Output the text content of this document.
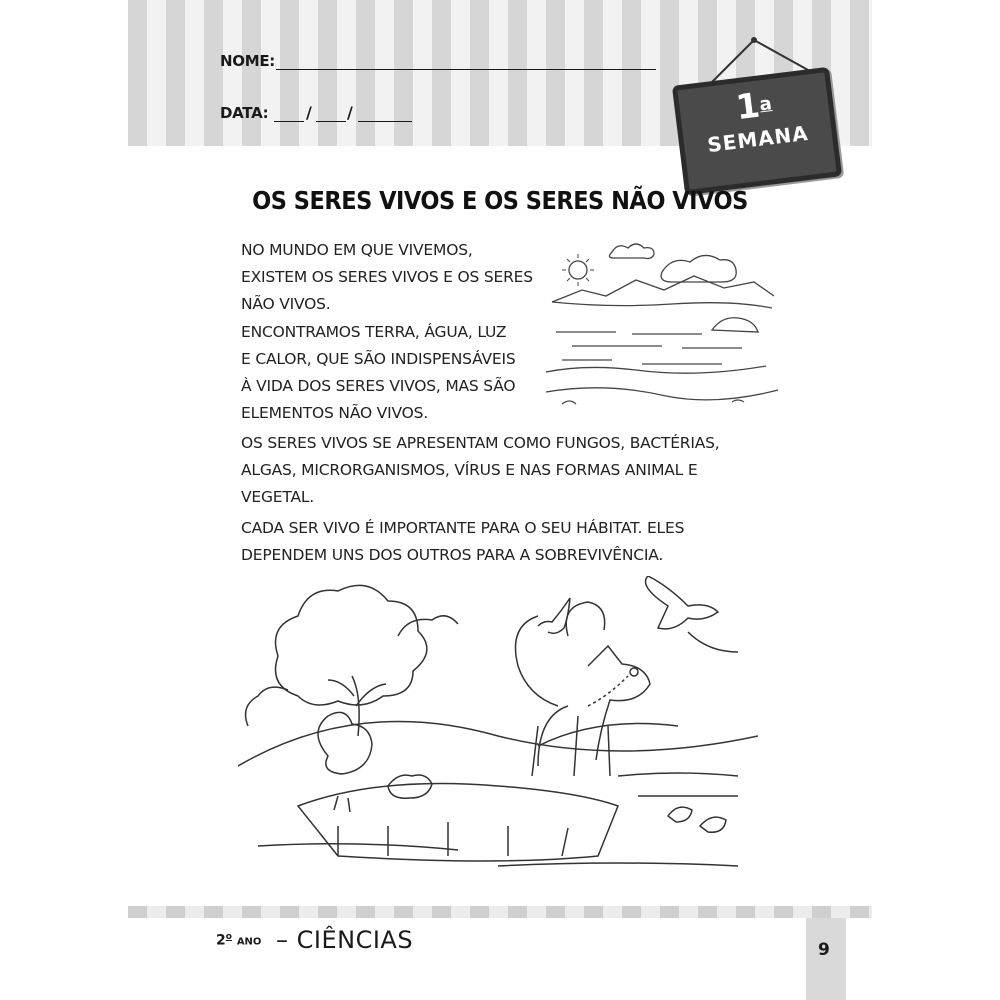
NOME:
DATA: / /	1$^a$
SEMANA
OS SERES VIVOS E OS SERES NÃO VIVOS
NO MUNDO EM QUE VIVEMOS,
EXISTEM OS SERES VIVOS E OS SERES
NÃO VIVOS.
ENCONTRAMOS TERRA, ÁGUA, LUZ
E CALOR, QUE SÃO INDISPENSÁVEIS
À VIDA DOS SERES VIVOS, MAS SÃO
ELEMENTOS NÃO VIVOS.
OS SERES VIVOS SE APRESENTAM COMO FUNGOS, BACTÉRIAS,
ALGAS, MICRORGANISMOS, VÍRUS E NAS FORMAS ANIMAL E
VEGETAL.
CADA SER VIVO É IMPORTANTE PARA O SEU HÁBITAT. ELES
DEPENDEM UNS DOS OUTROS PARA A SOBREVIVÊNCIA.
2$^o$ ANO – CIÊNCIAS	9
